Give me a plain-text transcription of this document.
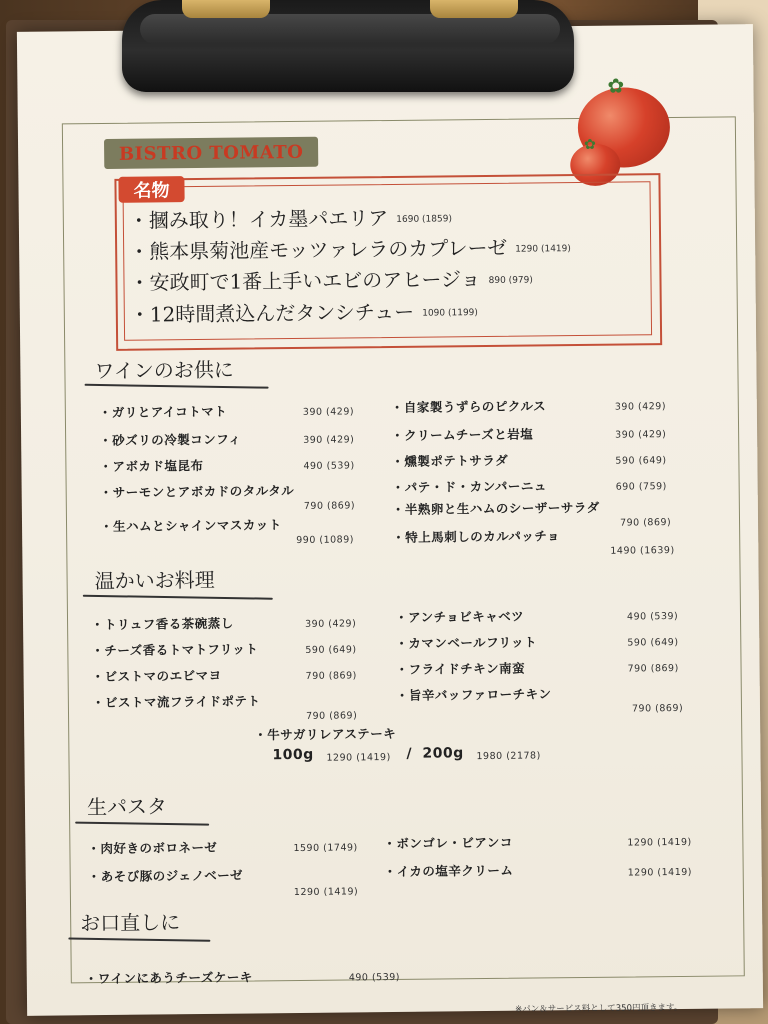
BISTRO TOMATO
✿
✿
名物
・摑み取り！イカ墨パエリア 1690 (1859)
・熊本県菊池産モッツァレラのカプレーゼ 1290 (1419)
・安政町で1番上手いエビのアヒージョ 890 (979)
・12時間煮込んだタンシチュー 1090 (1199)
ワインのお供に
・ガリとアイコトマト	390 (429)
・砂ズリの冷製コンフィ	390 (429)
・アボカド塩昆布	490 (539)
・サーモンとアボカドのタルタル
790 (869)
・生ハムとシャインマスカット
990 (1089)
・自家製うずらのピクルス	390 (429)
・クリームチーズと岩塩	390 (429)
・燻製ポテトサラダ	590 (649)
・パテ・ド・カンパーニュ	690 (759)
・半熟卵と生ハムのシーザーサラダ
790 (869)
・特上馬刺しのカルパッチョ
1490 (1639)
温かいお料理
・トリュフ香る茶碗蒸し	390 (429)
・チーズ香るトマトフリット	590 (649)
・ビストマのエビマヨ	790 (869)
・ビストマ流フライドポテト
790 (869)
・アンチョビキャベツ	490 (539)
・カマンベールフリット	590 (649)
・フライドチキン南蛮	790 (869)
・旨辛バッファローチキン
790 (869)
・牛サガリレアステーキ
100g 1290 (1419) / 200g 1980 (2178)
生パスタ
・肉好きのボロネーゼ	1590 (1749)
・あそび豚のジェノベーゼ
1290 (1419)
・ボンゴレ・ビアンコ	1290 (1419)
・イカの塩辛クリーム	1290 (1419)
お口直しに
・ワインにあうチーズケーキ	490 (539)
※パン＆サービス料として350円頂きます。
